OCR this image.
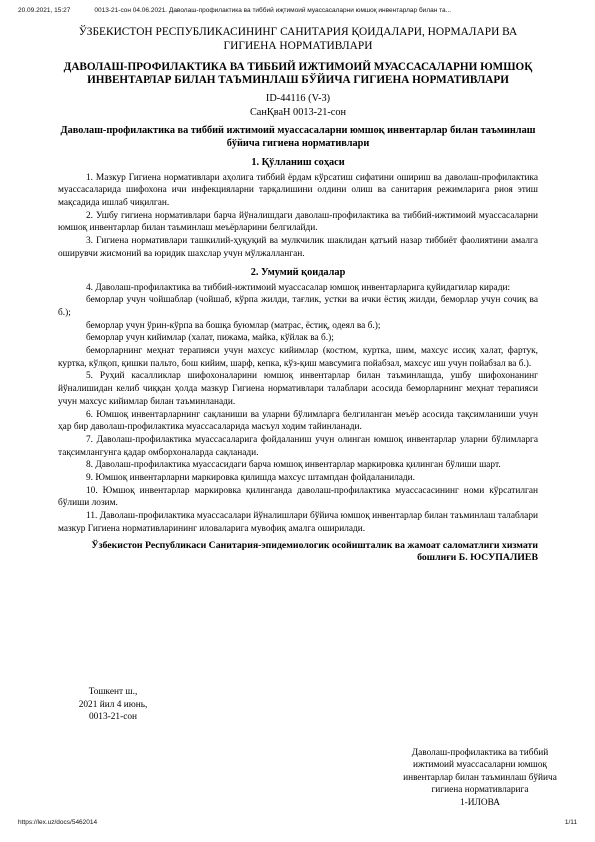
20.09.2021, 15:27	0013-21-сон 04.06.2021. Даволаш-профилактика ва тиббий иҗтимоий муассасаларни юмшоқ инвентарлар билан та...
ЎЗБЕКИСТОН РЕСПУБЛИКАСИНИНГ САНИТАРИЯ ҚОИДАЛАРИ, НОРМАЛАРИ ВА ГИГИЕНА НОРМАТИВЛАРИ
ДАВОЛАШ-ПРОФИЛАКТИКА ВА ТИББИЙ ИЖТИМОИЙ МУАССАСАЛАРНИ ЮМШОҚ ИНВЕНТАРЛАР БИЛАН ТАЪМИНЛАШ БЎЙИЧА ГИГИЕНА НОРМАТИВЛАРИ
ID-44116 (V-3)
СанҚваН 0013-21-сон
Даволаш-профилактика ва тиббий ижтимоий муассасаларни юмшоқ инвентарлар билан таъминлаш бўйича гигиена нормативлари
1. Қўлланиш соҳаси

1. Мазкур Гигиена нормативлари аҳолига тиббий ёрдам кўрсатиш сифатини ошириш ва даволаш-профилактика муассасаларида шифохона ичи инфекцияларни тарқалишини олдини олиш ва санитария режимларига риоя этиш мақсадида ишлаб чиқилган.

2. Ушбу гигиена нормативлари барча йўналишдаги даволаш-профилактика ва тиббий-ижтимоий муассасаларни юмшоқ инвентарлар билан таъминлаш меъёрларини белгилайди.

3. Гигиена нормативлари ташкилий-ҳуқуқий ва мулкчилик шаклидан қатъий назар тиббиёт фаолиятини амалга оширувчи жисмоний ва юридик шахслар учун мўлжалланган.

2. Умумий қоидалар

4. Даволаш-профилактика ва тиббий-ижтимоий муассасалар юмшоқ инвентарларига қуйидагилар киради:

беморлар учун чойшаблар (чойшаб, кўрпа жилди, тағлик, устки ва ички ёстиқ жилди, беморлар учун сочиқ ва б.);

беморлар учун ўрин-кўрпа ва бошқа буюмлар (матрас, ёстиқ, одеял ва б.);

беморлар учун кийимлар (халат, пижама, майка, кўйлак ва б.);

беморларнинг меҳнат терапияси учун махсус кийимлар (костюм, куртка, шим, махсус иссиқ халат, фартук, куртка, кўлқоп, қишки пальто, бош кийим, шарф, кепка, кўз-қиш мавсумига пойабзал, махсус иш учун пойабзал ва б.).

5. Руҳий касалликлар шифохоналарини юмшоқ инвентарлар билан таъминлашда, ушбу шифохонанинг йўналишидан келиб чиққан ҳолда мазкур Гигиена нормативлари талаблари асосида беморларнинг меҳнат терапияси учун махсус кийимлар билан таъминланади.

6. Юмшоқ инвентарларнинг сақланиши ва уларни бўлимларга белгиланган меъёр асосида тақсимланиши учун ҳар бир даволаш-профилактика муассасаларида масъул ходим тайинланади.

7. Даволаш-профилактика муассасаларига фойдаланиш учун олинган юмшоқ инвентарлар уларни бўлимларга тақсимлангунга қадар омборхоналарда сақланади.

8. Даволаш-профилактика муассасидаги барча юмшоқ инвентарлар маркировка қилинган бўлиши шарт.

9. Юмшоқ инвентарларни маркировка қилишда махсус штампдан фойдаланилади.

10. Юмшоқ инвентарлар маркировка қилинганда даволаш-профилактика муассасасининг номи кўрсатилган бўлиши лозим.

11. Даволаш-профилактика муассасалари йўналишлари бўйича юмшоқ инвентарлар билан таъминлаш талаблари мазкур Гигиена нормативларининг иловаларига мувофиқ амалга оширилади.

Ўзбекистон Республикаси Санитария-эпидемиологик осойишталик ва жамоат саломатлиги хизмати бошлиғи Б. ЮСУПАЛИЕВ
Тошкент ш.,
2021 йил 4 июнь,
0013-21-сон
Даволаш-профилактика ва тиббий
ижтимоий муассасаларни юмшоқ
инвентарлар билан таъминлаш бўйича
гигиена нормативларига
1-ИЛОВА
https://lex.uz/docs/5462014	1/11
